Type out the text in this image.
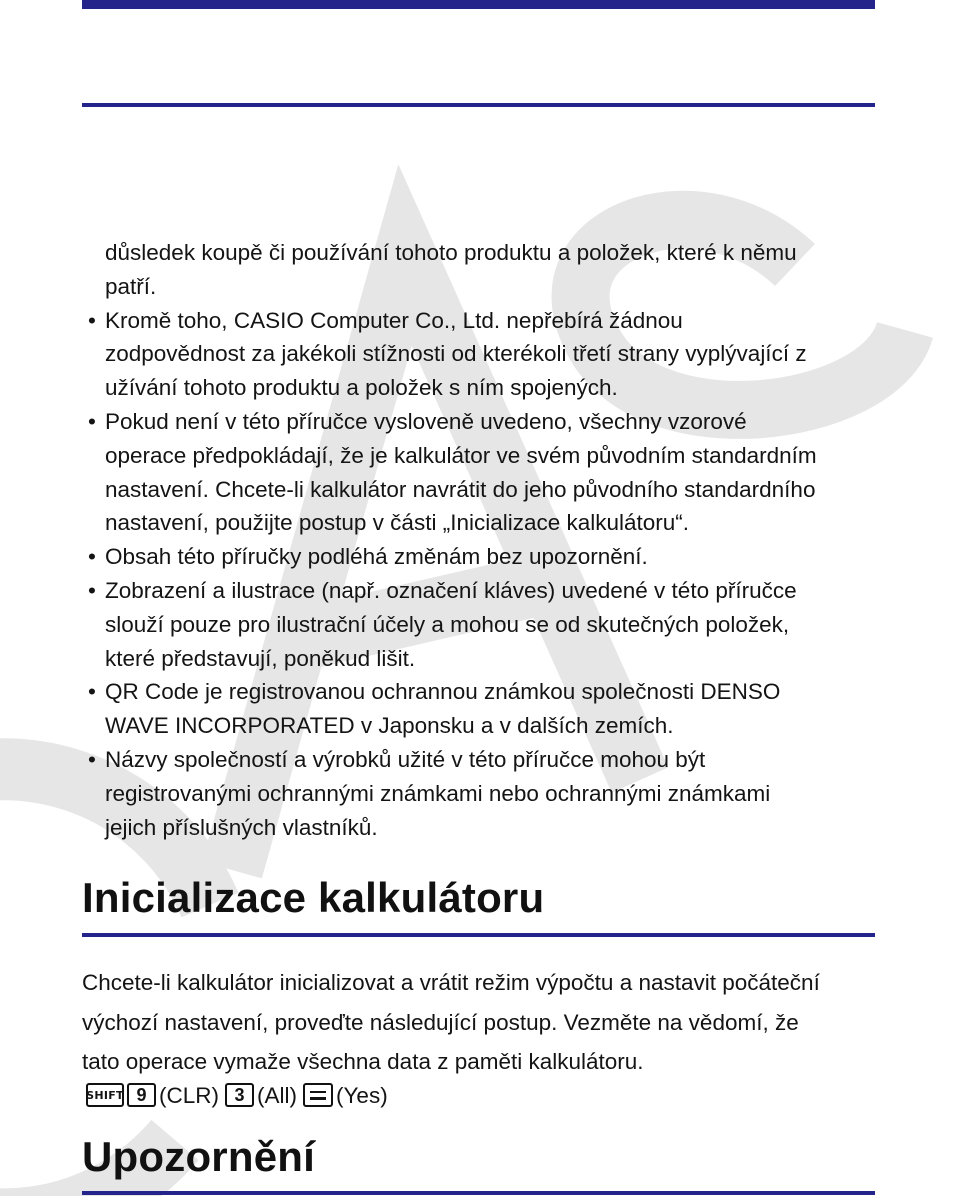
důsledek koupě či používání tohoto produktu a položek, které k němu
patří.
• Kromě toho, CASIO Computer Co., Ltd. nepřebírá žádnou
zodpovědnost za jakékoli stížnosti od kterékoli třetí strany vyplývající z
užívání tohoto produktu a položek s ním spojených.
• Pokud není v této příručce vysloveně uvedeno, všechny vzorové
operace předpokládají, že je kalkulátor ve svém původním standardním
nastavení. Chcete-li kalkulátor navrátit do jeho původního standardního
nastavení, použijte postup v části „Inicializace kalkulátoru“.
• Obsah této příručky podléhá změnám bez upozornění.
• Zobrazení a ilustrace (např. označení kláves) uvedené v této příručce
slouží pouze pro ilustrační účely a mohou se od skutečných položek,
které představují, poněkud lišit.
• QR Code je registrovanou ochrannou známkou společnosti DENSO
WAVE INCORPORATED v Japonsku a v dalších zemích.
• Názvy společností a výrobků užité v této příručce mohou být
registrovanými ochrannými známkami nebo ochrannými známkami
jejich příslušných vlastníků.
Inicializace kalkulátoru
Chcete-li kalkulátor inicializovat a vrátit režim výpočtu a nastavit počáteční
výchozí nastavení, proveďte následující postup. Vezměte na vědomí, že
tato operace vymaže všechna data z paměti kalkulátoru.
SHIFT 9 (CLR) 3 (All) (Yes)
Upozornění
